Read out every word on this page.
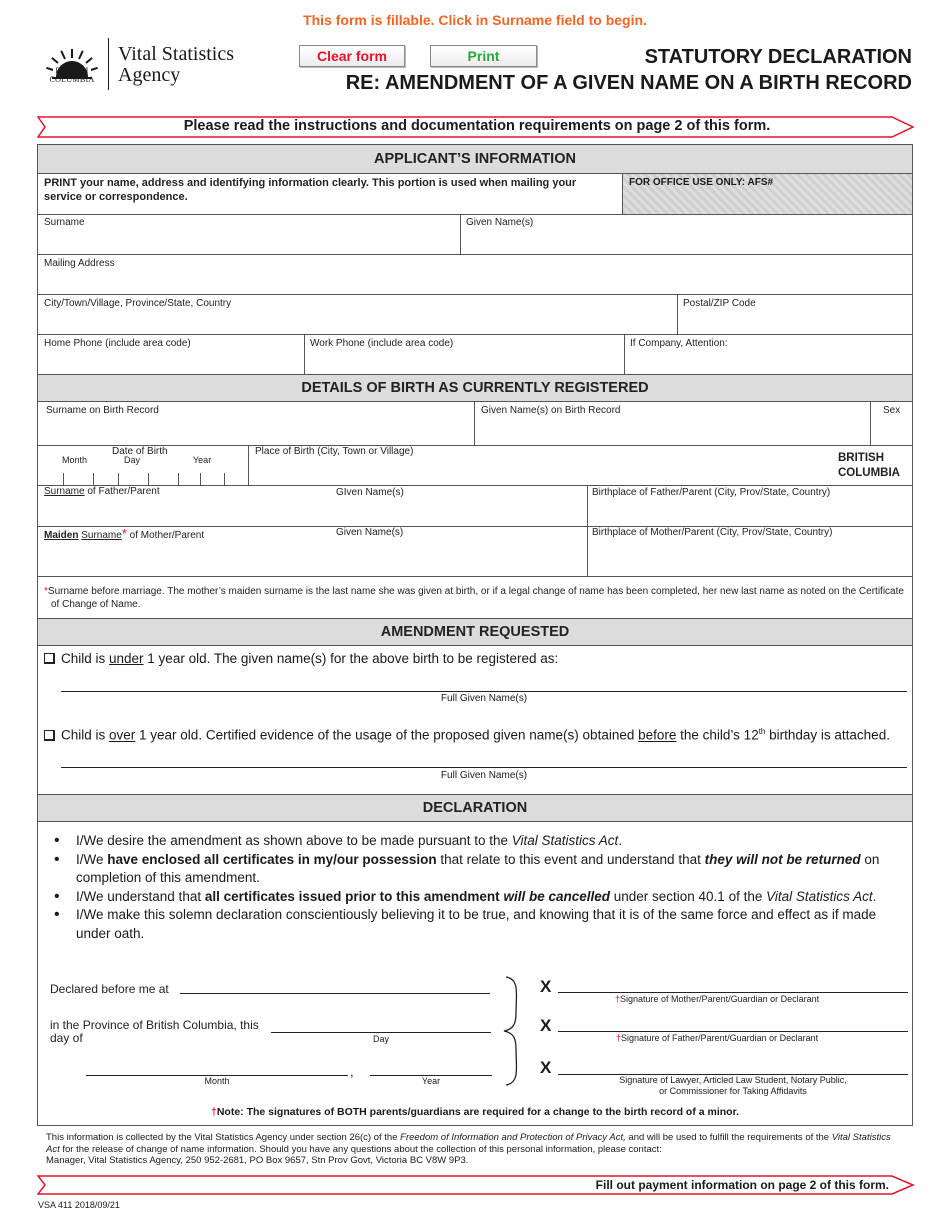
This form is fillable. Click in Surname field to begin.
BRITISH
COLUMBIA
Vital Statistics
Agency
Clear form	Print	STATUTORY DECLARATION
RE: AMENDMENT OF A GIVEN NAME ON A BIRTH RECORD
Please read the instructions and documentation requirements on page 2 of this form.
APPLICANT’S INFORMATION
PRINT your name, address and identifying information clearly. This portion is used when mailing your service or correspondence.
FOR OFFICE USE ONLY: AFS#
Surname	Given Name(s)
Mailing Address
City/Town/Village, Province/State, Country	Postal/ZIP Code
Home Phone (include area code)	Work Phone (include area code)	If Company, Attention:
DETAILS OF BIRTH AS CURRENTLY REGISTERED
Surname on Birth Record	Given Name(s) on Birth Record	Sex
Date of Birth
Month	Day	Year
Place of Birth (City, Town or Village)
BRITISH COLUMBIA
Surname of Father/Parent	GIven Name(s)	Birthplace of Father/Parent (City, Prov/State, Country)
Maiden Surname* of Mother/Parent	Given Name(s)	Birthplace of Mother/Parent (City, Prov/State, Country)
*Surname before marriage. The mother’s maiden surname is the last name she was given at birth, or if a legal change of name has been completed, her new last name as noted on the Certificate of Change of Name.
AMENDMENT REQUESTED
Child is under 1 year old. The given name(s) for the above birth to be registered as:
Full Given Name(s)
Child is over 1 year old. Certified evidence of the usage of the proposed given name(s) obtained before the child’s 12th birthday is attached.
Full Given Name(s)
DECLARATION
• I/We desire the amendment as shown above to be made pursuant to the Vital Statistics Act.
• I/We have enclosed all certificates in my/our possession that relate to this event and understand that they will not be returned on completion of this amendment.
• I/We understand that all certificates issued prior to this amendment will be cancelled under section 40.1 of the Vital Statistics Act.
• I/We make this solemn declaration conscientiously believing it to be true, and knowing that it is of the same force and effect as if made under oath.
Declared before me at
in the Province of British Columbia, this
day of	Day
Month
,
Year
X
†Signature of Mother/Parent/Guardian or Declarant
X
†Signature of Father/Parent/Guardian or Declarant
X
Signature of Lawyer, Articled Law Student, Notary Public,
or Commissioner for Taking Affidavits
†Note: The signatures of BOTH parents/guardians are required for a change to the birth record of a minor.
This information is collected by the Vital Statistics Agency under section 26(c) of the Freedom of Information and Protection of Privacy Act, and will be used to fulfill the requirements of the Vital Statistics Act for the release of change of name information. Should you have any questions about the collection of this personal information, please contact:
Manager, Vital Statistics Agency, 250 952-2681, PO Box 9657, Stn Prov Govt, Victoria BC V8W 9P3.
Fill out payment information on page 2 of this form.
VSA 411 2018/09/21
